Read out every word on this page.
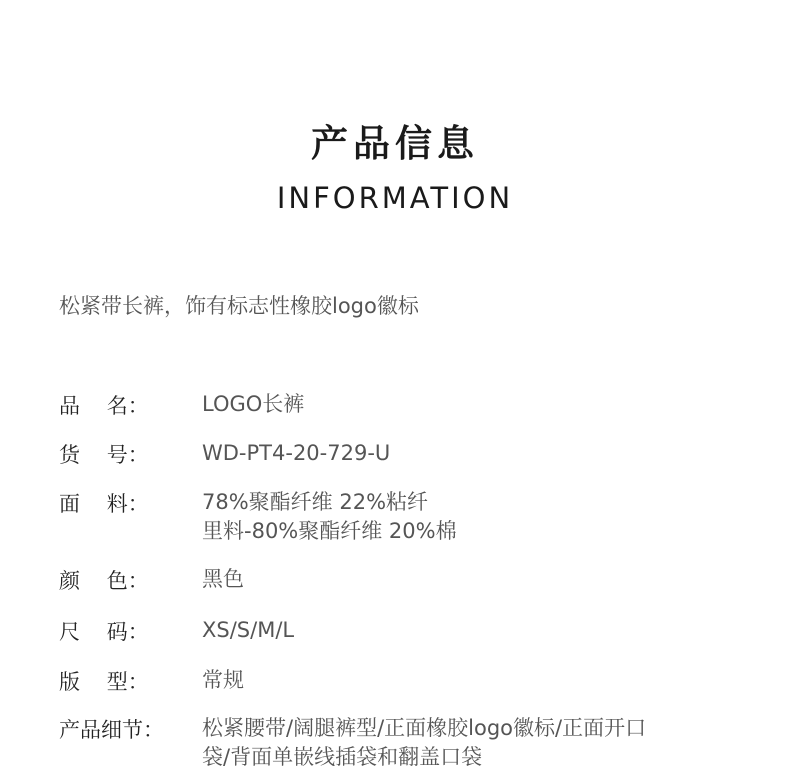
产品信息
INFORMATION
松紧带长裤，饰有标志性橡胶logo徽标
品    名：	LOGO长裤
货    号：	WD-PT4-20-729-U
面    料：	78%聚酯纤维 22%粘纤
里料-80%聚酯纤维 20%棉
颜    色：	黑色
尺    码：	XS/S/M/L
版    型：	常规
产品细节： 松紧腰带/阔腿裤型/正面橡胶logo徽标/正面开口
袋/背面单嵌线插袋和翻盖口袋
